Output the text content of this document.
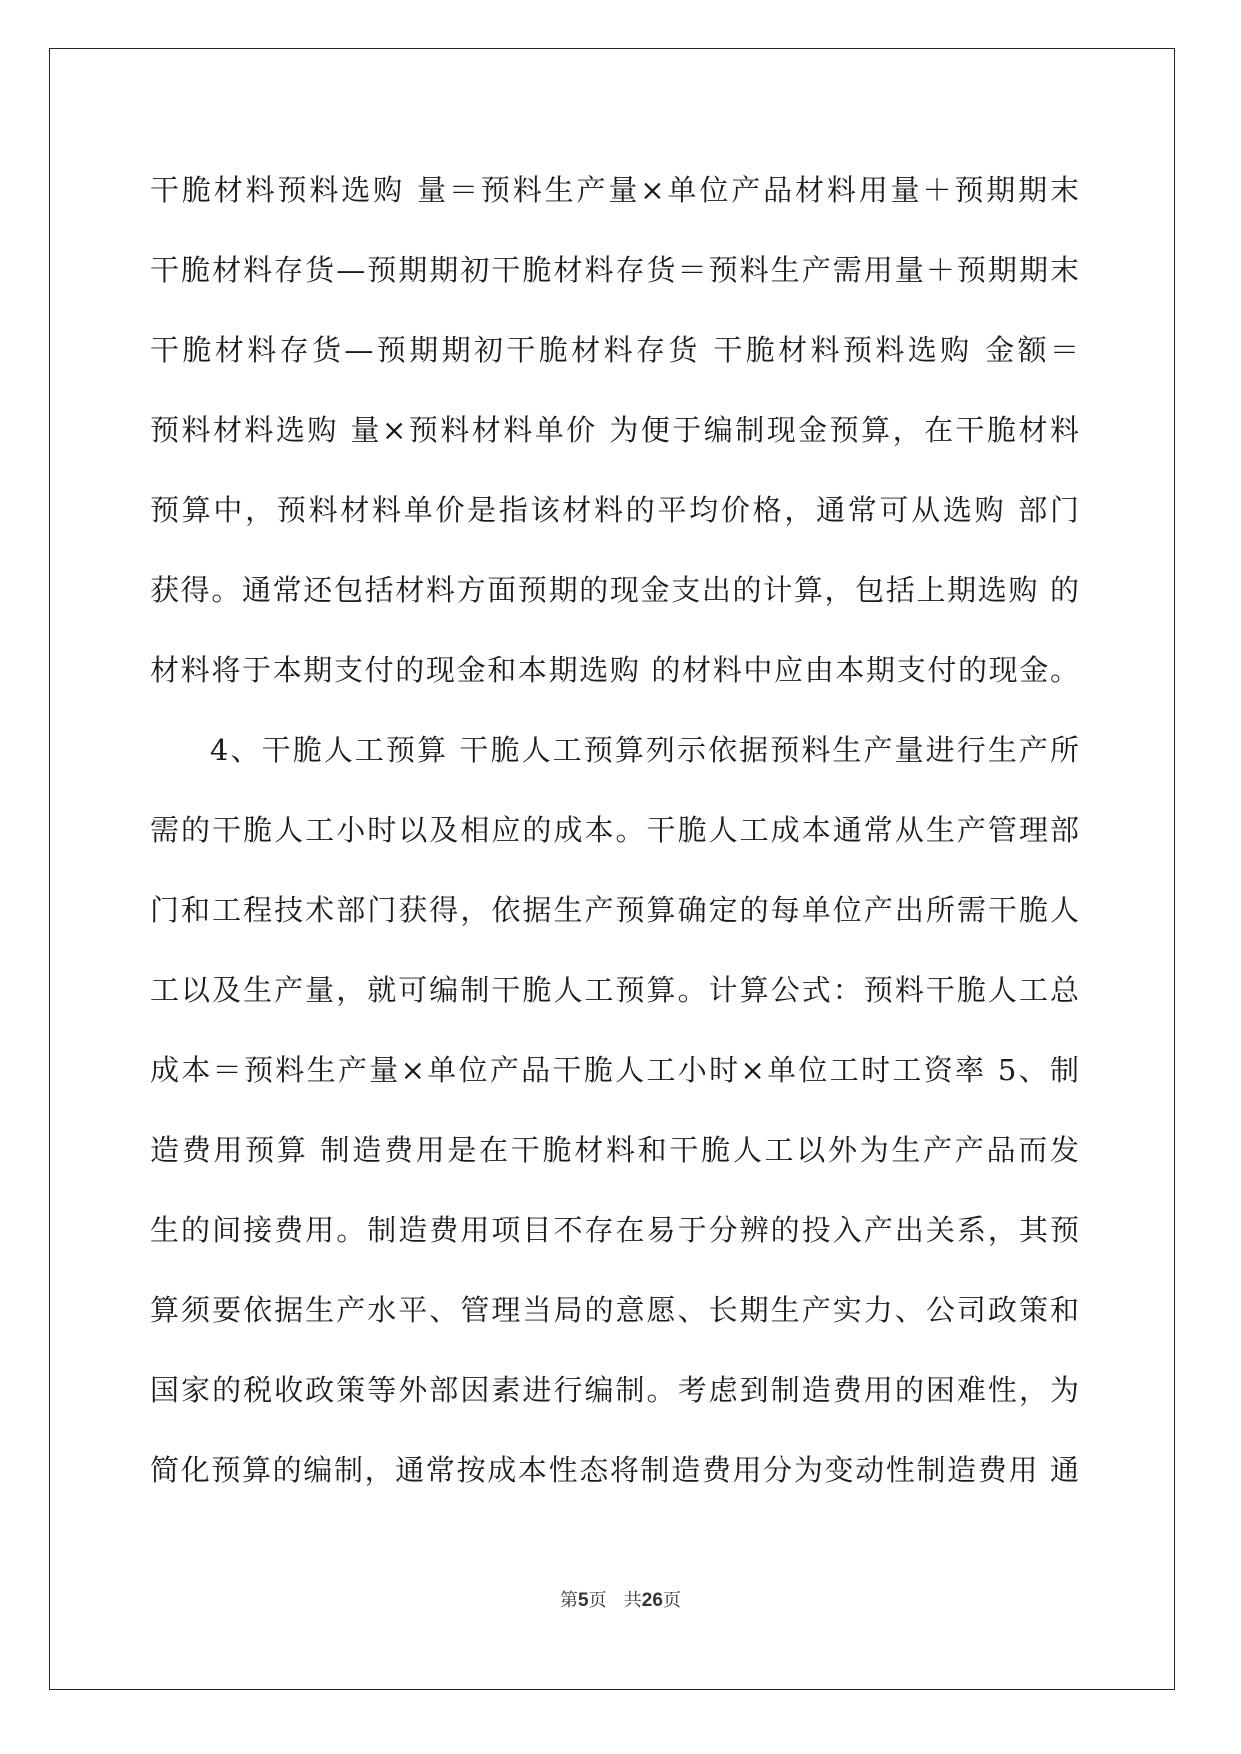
干脆材料预料选购 量＝预料生产量×单位产品材料用量＋预期期末
干脆材料存货—预期期初干脆材料存货＝预料生产需用量＋预期期末
干脆材料存货—预期期初干脆材料存货 干脆材料预料选购 金额＝
预料材料选购 量×预料材料单价 为便于编制现金预算，在干脆材料
预算中，预料材料单价是指该材料的平均价格，通常可从选购 部门
获得。通常还包括材料方面预期的现金支出的计算，包括上期选购 的
材料将于本期支付的现金和本期选购 的材料中应由本期支付的现金。
4、干脆人工预算 干脆人工预算列示依据预料生产量进行生产所
需的干脆人工小时以及相应的成本。干脆人工成本通常从生产管理部
门和工程技术部门获得，依据生产预算确定的每单位产出所需干脆人
工以及生产量，就可编制干脆人工预算。计算公式：预料干脆人工总
成本＝预料生产量×单位产品干脆人工小时×单位工时工资率 5、制
造费用预算 制造费用是在干脆材料和干脆人工以外为生产产品而发
生的间接费用。制造费用项目不存在易于分辨的投入产出关系，其预
算须要依据生产水平、管理当局的意愿、长期生产实力、公司政策和
国家的税收政策等外部因素进行编制。考虑到制造费用的困难性，为
简化预算的编制，通常按成本性态将制造费用分为变动性制造费用 通
第5页 共26页
